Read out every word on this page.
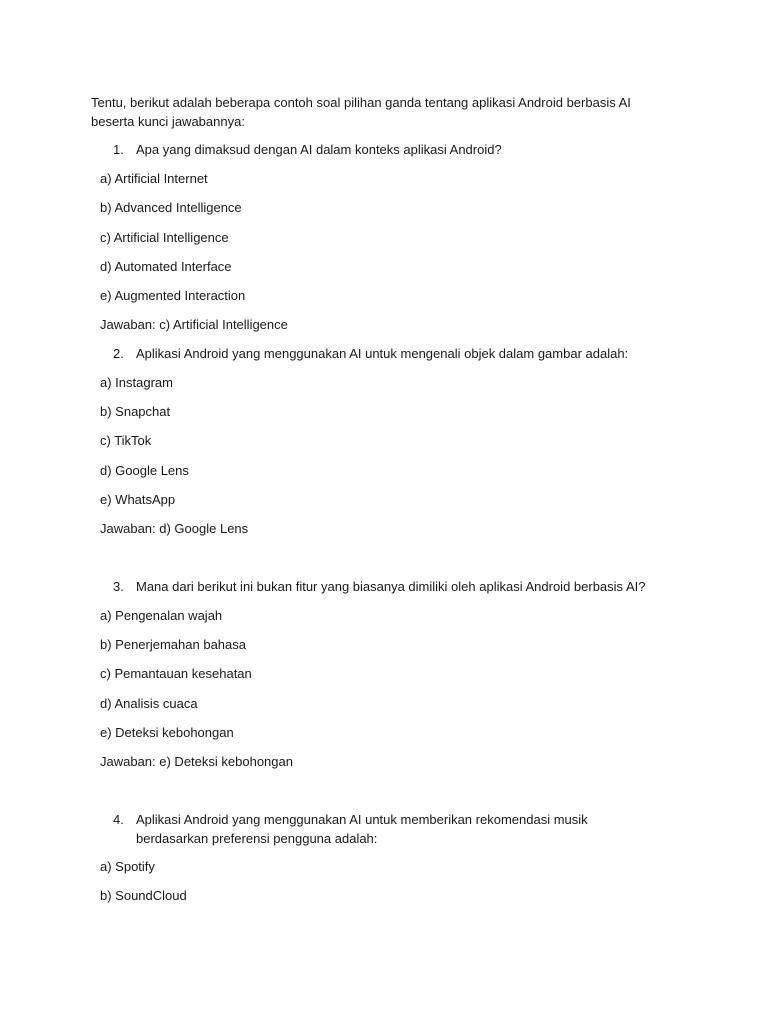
Tentu, berikut adalah beberapa contoh soal pilihan ganda tentang aplikasi Android berbasis AI beserta kunci jawabannya:
1. Apa yang dimaksud dengan AI dalam konteks aplikasi Android?
a) Artificial Internet
b) Advanced Intelligence
c) Artificial Intelligence
d) Automated Interface
e) Augmented Interaction
Jawaban: c) Artificial Intelligence
2. Aplikasi Android yang menggunakan AI untuk mengenali objek dalam gambar adalah:
a) Instagram
b) Snapchat
c) TikTok
d) Google Lens
e) WhatsApp
Jawaban: d) Google Lens
3. Mana dari berikut ini bukan fitur yang biasanya dimiliki oleh aplikasi Android berbasis AI?
a) Pengenalan wajah
b) Penerjemahan bahasa
c) Pemantauan kesehatan
d) Analisis cuaca
e) Deteksi kebohongan
Jawaban: e) Deteksi kebohongan
4. Aplikasi Android yang menggunakan AI untuk memberikan rekomendasi musik berdasarkan preferensi pengguna adalah:
a) Spotify
b) SoundCloud
